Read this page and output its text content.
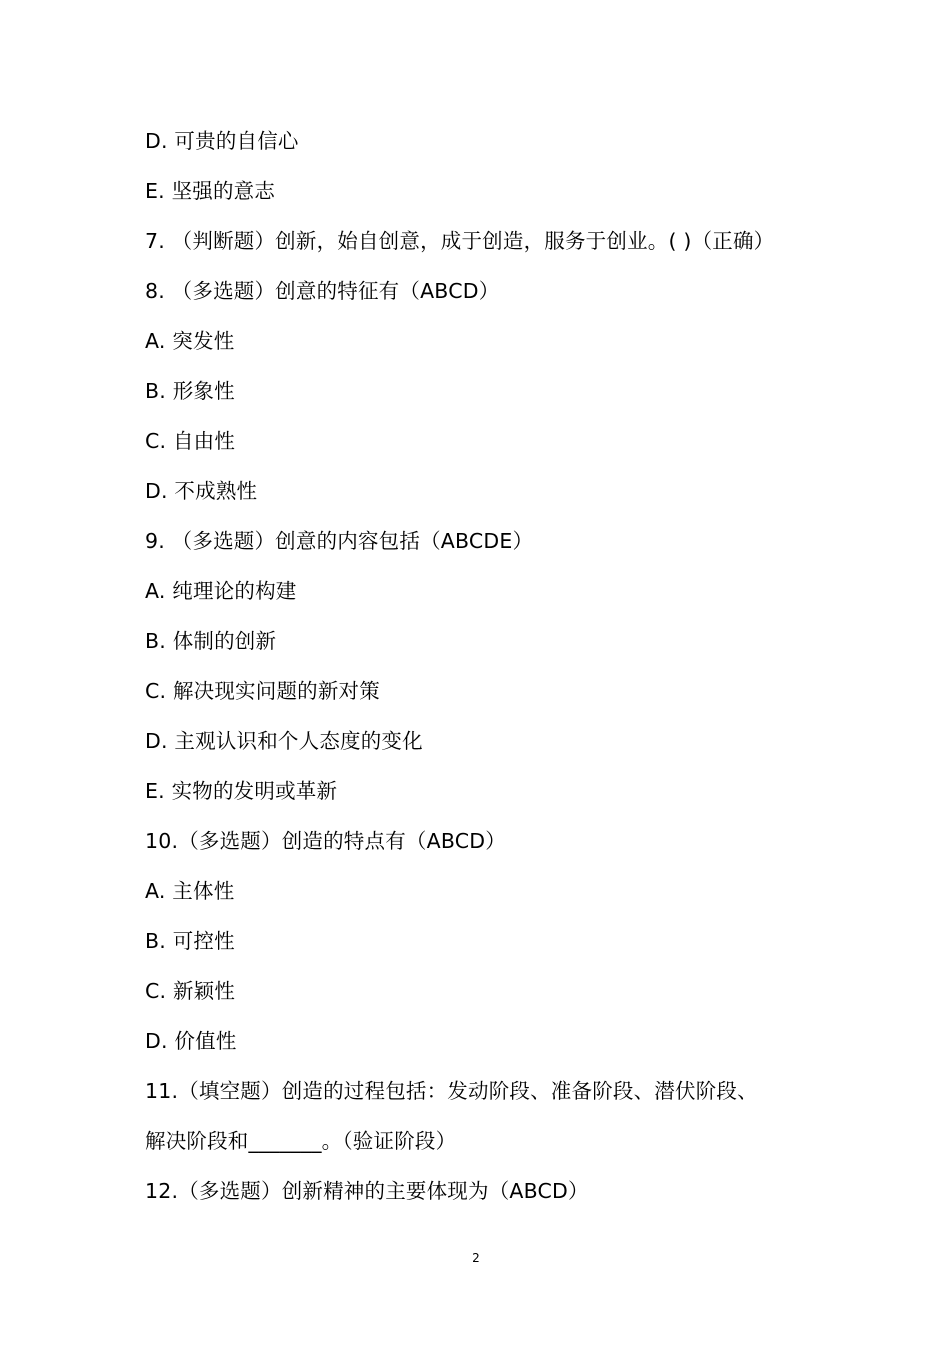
D. 可贵的自信心
E. 坚强的意志
7. （判断题）创新，始自创意，成于创造，服务于创业。( )（正确）
8. （多选题）创意的特征有（ABCD）
A. 突发性
B. 形象性
C. 自由性
D. 不成熟性
9. （多选题）创意的内容包括（ABCDE）
A. 纯理论的构建
B. 体制的创新
C. 解决现实问题的新对策
D. 主观认识和个人态度的变化
E. 实物的发明或革新
10.（多选题）创造的特点有（ABCD）
A. 主体性
B. 可控性
C. 新颖性
D. 价值性
11.（填空题）创造的过程包括：发动阶段、准备阶段、潜伏阶段、
解决阶段和_______。（验证阶段）
12.（多选题）创新精神的主要体现为（ABCD）
2
